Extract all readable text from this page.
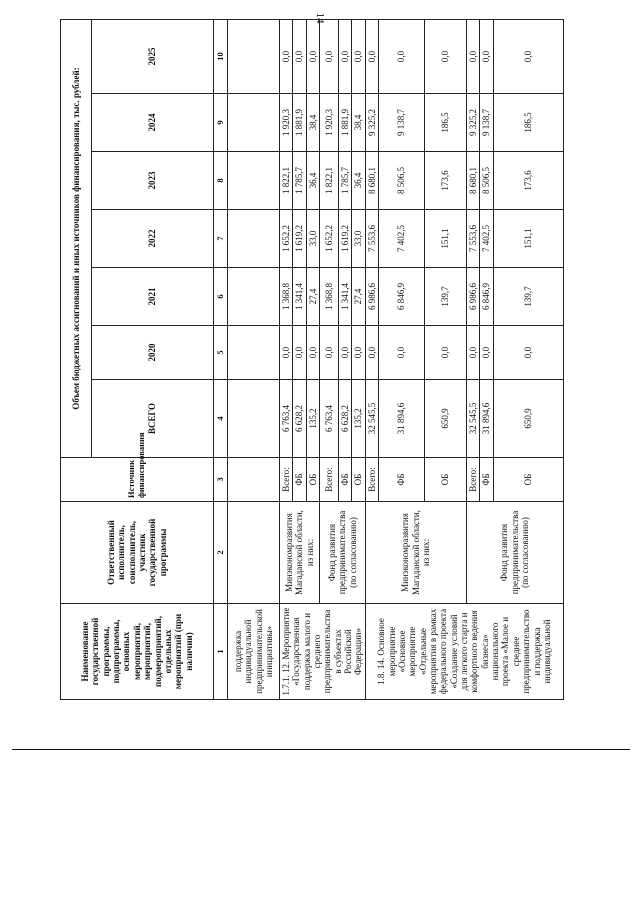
14
Наименование государственной программы, подпрограммы, основных мероприятий, мероприятий, подмероприятий, отдельных мероприятий (при наличии)	Ответственный исполнитель, соисполнитель, участник государственной программы	Источник финансирования	Объем бюджетных ассигнований и иных источников финансирования, тыс. рублей:						
			ВСЕГО	2020	2021	2022	2023	2024	2025
1	2	3	4	5	6	7	8	9	10
поддержка индивидуальной предпринимательской инициативы»									
1.7.1. 12. Мероприятие «Государственная поддержка малого и среднего предпринимательства в субъектах Российской Федерации»	Минэкономразвития Магаданской области, из них:	Всего:	6 763,4	0,0	1 368,8	1 652,2	1 822,1	1 920,3	0,0
		ФБ	6 628,2	0,0	1 341,4	1 619,2	1 785,7	1 881,9	0,0
		ОБ	135,2	0,0	27,4	33,0	36,4	38,4	0,0
	Фонд развития предпринимательства (по согласованию)	Всего:	6 763,4	0,0	1 368,8	1 652,2	1 822,1	1 920,3	0,0
		ФБ	6 628,2	0,0	1 341,4	1 619,2	1 785,7	1 881,9	0,0
		ОБ	135,2	0,0	27,4	33,0	36,4	38,4	0,0
1.8. 14. Основное мероприятие «Основное мероприятие «Отдельные мероприятия в рамках федерального проекта «Создание условий для легкого старта и комфортного ведения бизнеса» национального проекта «Малое и среднее предпринимательство и поддержка индивидуальной	Минэкономразвития Магаданской области, из них:	Всего:	32 545,5	0,0	6 986,6	7 553,6	8 680,1	9 325,2	0,0
		ФБ	31 894,6	0,0	6 846,9	7 402,5	8 506,5	9 138,7	0,0
		ОБ	650,9	0,0	139,7	151,1	173,6	186,5	0,0
	Фонд развития предпринимательства (по согласованию)	Всего:	32 545,5	0,0	6 986,6	7 553,6	8 680,1	9 325,2	0,0
		ФБ	31 894,6	0,0	6 846,9	7 402,5	8 506,5	9 138,7	0,0
		ОБ	650,9	0,0	139,7	151,1	173,6	186,5	0,0
